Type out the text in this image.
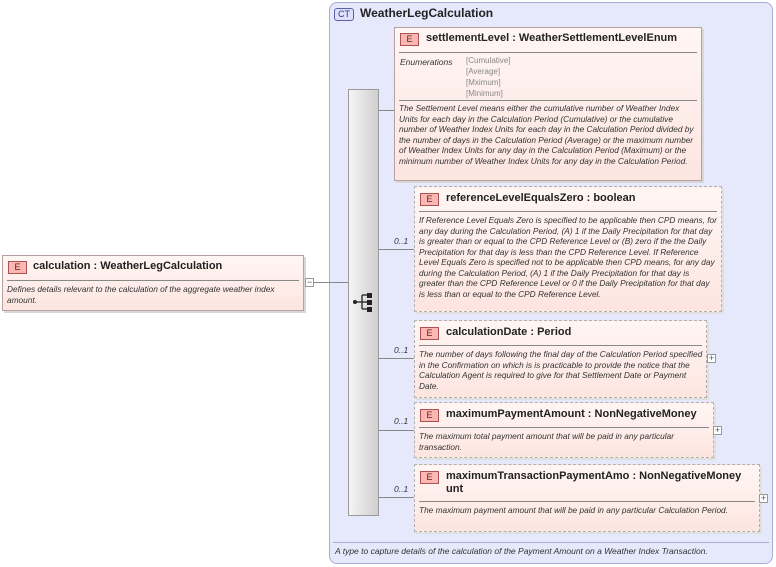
CT WeatherLegCalculation
A type to capture details of the calculation of the Payment Amount on a Weather Index Transaction.
E	calculation : WeatherLegCalculation
Defines details relevant to the calculation of the aggregate weather index amount.
−
E	settlementLevel : WeatherSettlementLevelEnum
The Settlement Level means either the cumulative number of Weather Index Units for each day in the Calculation Period (Cumulative) or the cumulative number of Weather Index Units for each day in the Calculation Period divided by the number of days in the Calculation Period (Average) or the maximum number of Weather Index Units for any day in the Calculation Period (Maximum) or the minimum number of Weather Index Units for any day in the Calculation Period.
Enumerations [Cumulative]
[Average]
[Mximum]
[Minimum]
0..1
E	referenceLevelEqualsZero : boolean
If Reference Level Equals Zero is specified to be applicable then CPD means, for any day during the Calculation Period, (A) 1 if the Daily Precipitation for that day is greater than or equal to the CPD Reference Level or (B) zero if the the Daily Precipitation for that day is less than the CPD Reference Level. If Reference Level Equals Zero is specified not to be applicable then CPD means, for any day during the Calculation Period, (A) 1 if the Daily Precipitation for that day is greater than the CPD Reference Level or 0 if the Daily Precipitation for that day is less than or equal to the CPD Reference Level.
0..1
E	calculationDate : Period
The number of days following the final day of the Calculation Period specified in the Confirmation on which is is practicable to provide the notice that the Calculation Agent is required to give for that Settlement Date or Payment Date.
+
0..1
E	maximumPaymentAmount : NonNegativeMoney
The maximum total payment amount that will be paid in any particular transaction.
+
0..1
E	maximumTransactionPaymentAmo : NonNegativeMoney
unt
The maximum payment amount that will be paid in any particular Calculation Period.
+
